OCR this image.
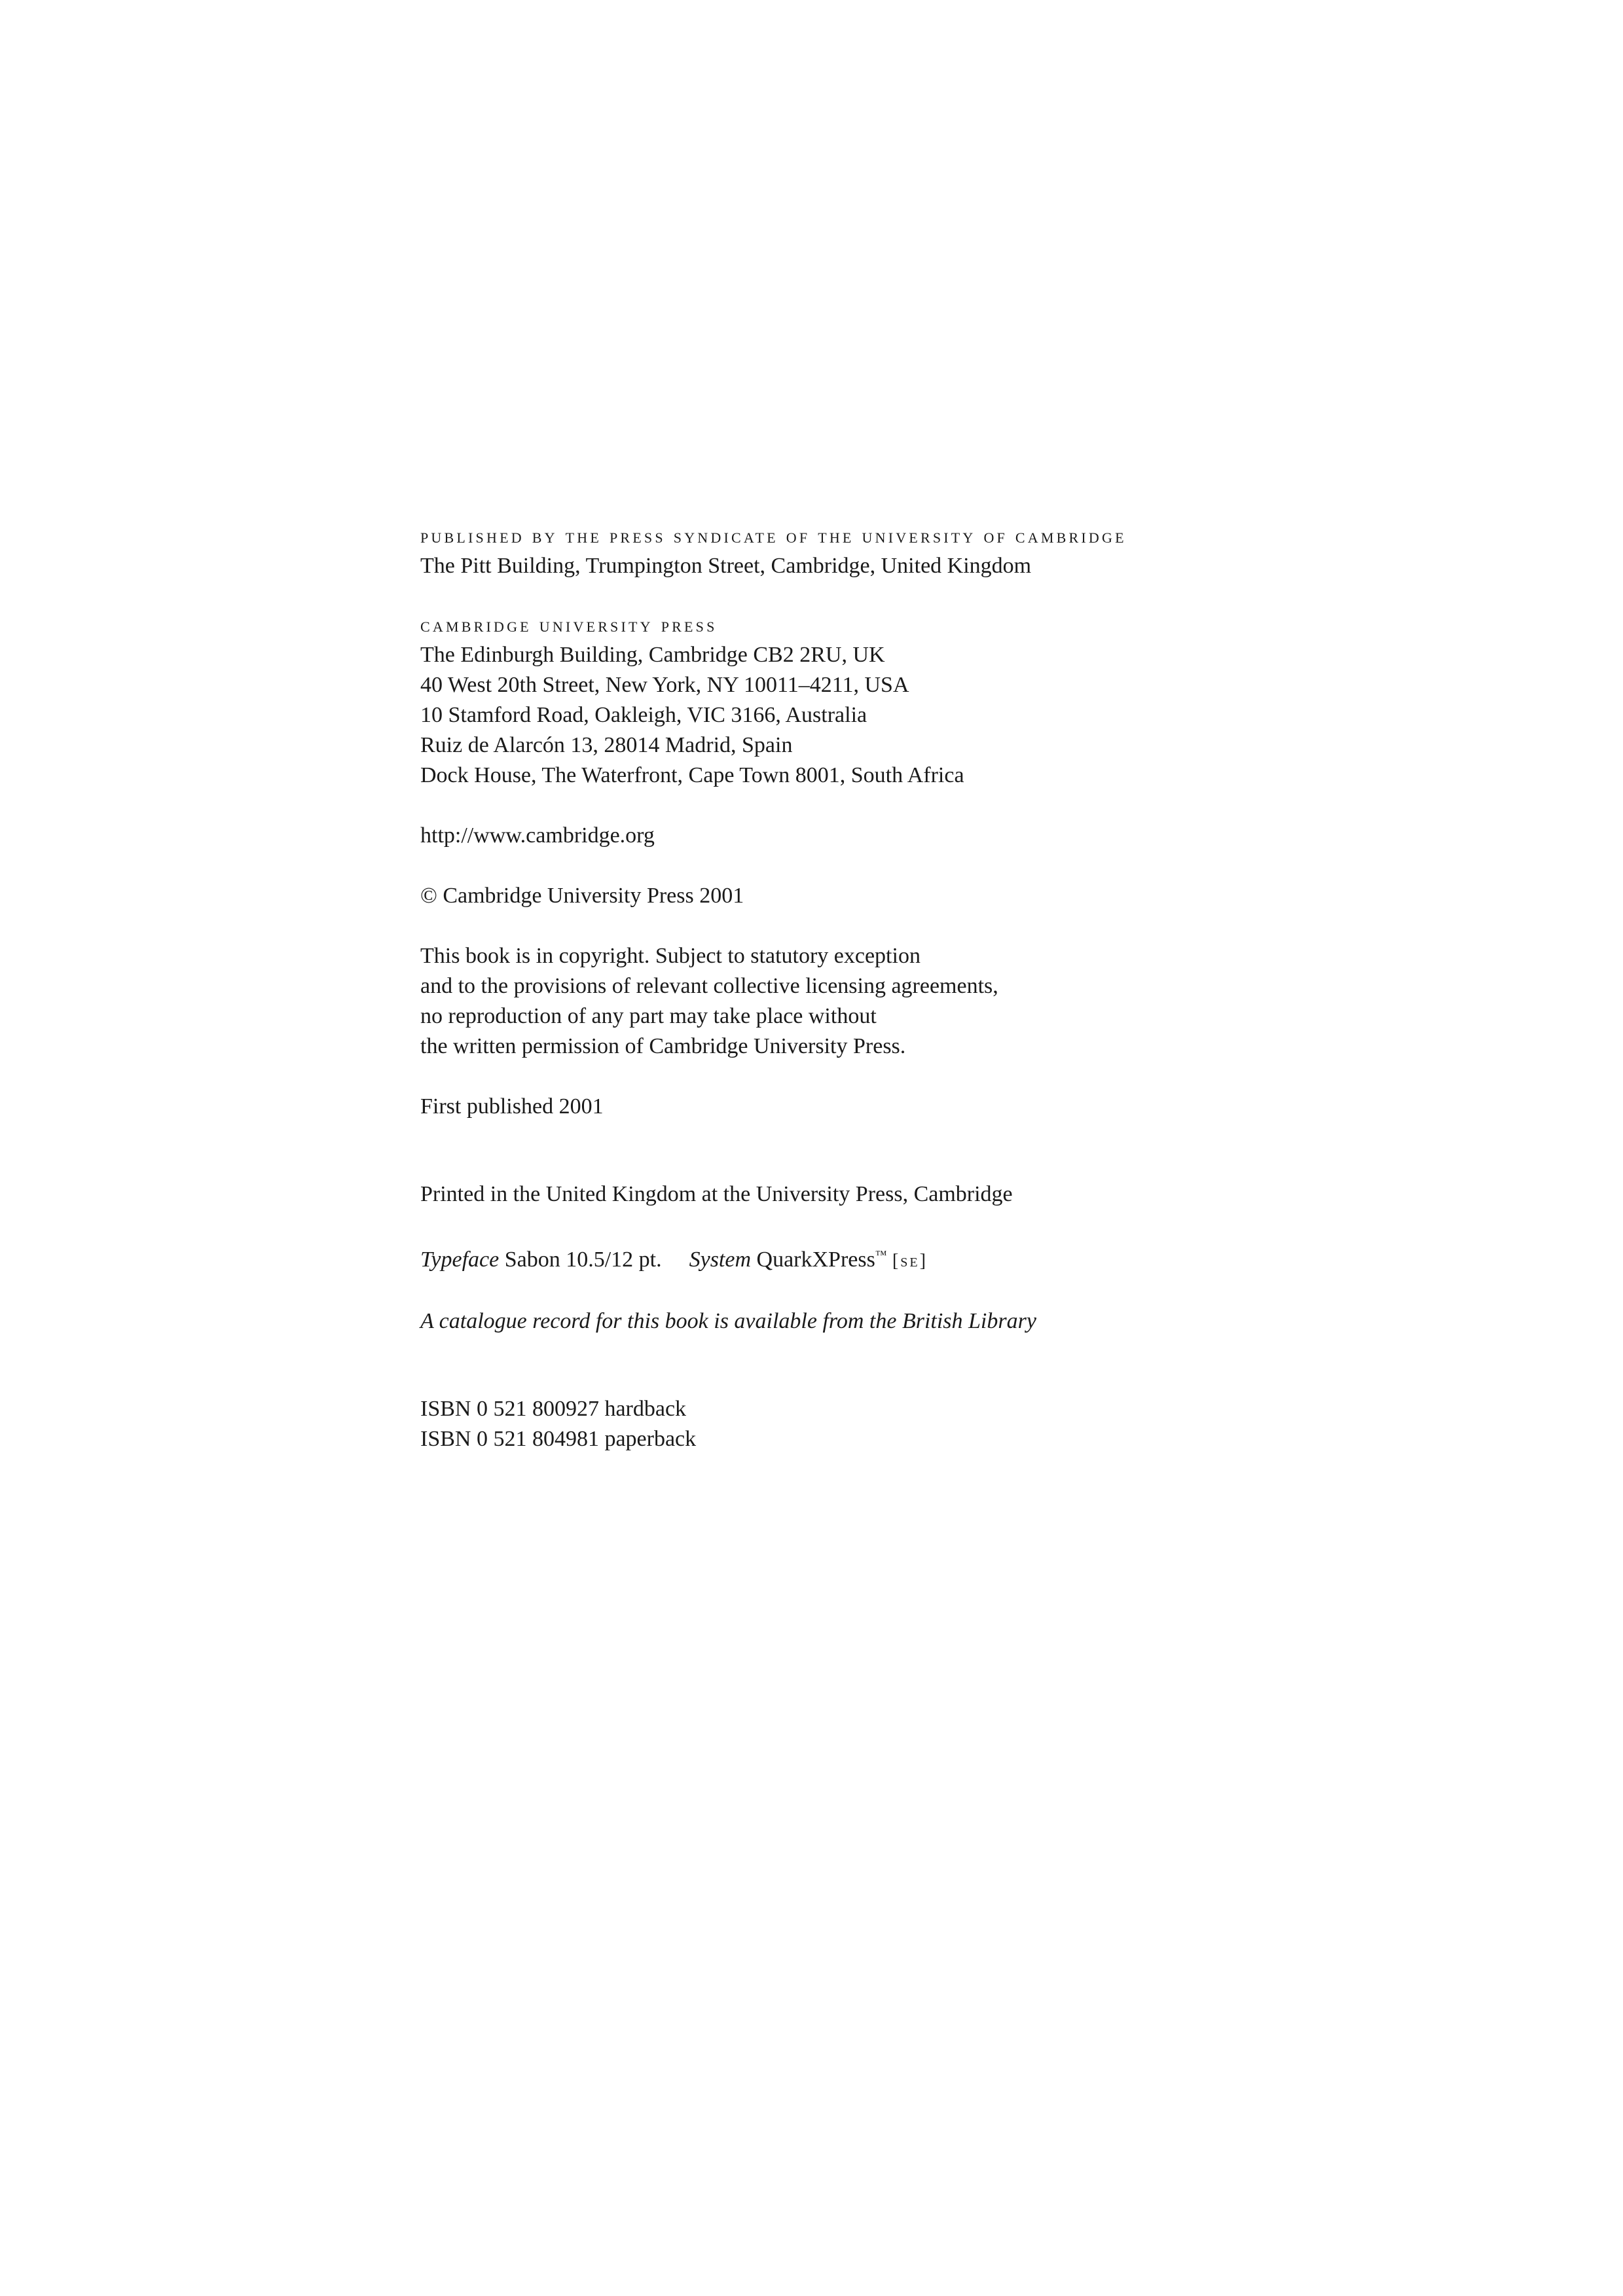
published by the press syndicate of the university of cambridge
The Pitt Building, Trumpington Street, Cambridge, United Kingdom
cambridge university press
The Edinburgh Building, Cambridge CB2 2RU, UK
40 West 20th Street, New York, NY 10011–4211, USA
10 Stamford Road, Oakleigh, VIC 3166, Australia
Ruiz de Alarcón 13, 28014 Madrid, Spain
Dock House, The Waterfront, Cape Town 8001, South Africa
http://www.cambridge.org
© Cambridge University Press 2001
This book is in copyright. Subject to statutory exception
and to the provisions of relevant collective licensing agreements,
no reproduction of any part may take place without
the written permission of Cambridge University Press.
First published 2001
Printed in the United Kingdom at the University Press, Cambridge
Typeface Sabon 10.5/12 pt. System QuarkXPress™ [se]
A catalogue record for this book is available from the British Library
ISBN 0 521 800927 hardback
ISBN 0 521 804981 paperback
